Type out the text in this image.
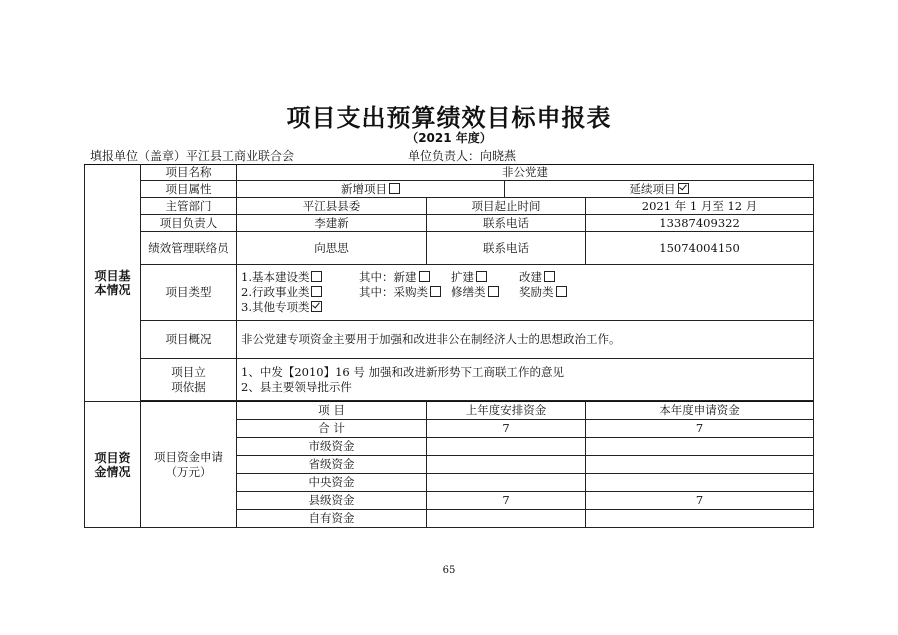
项目支出预算绩效目标申报表
（2021 年度）
填报单位（盖章）平江县工商业联合会	单位负责人：向晓燕
项目基本情况	项目名称	非公党建			
	项目属性	新增项目		延续项目	
	主管部门	平江县县委	项目起止时间		2021 年 1 月至 12 月
	项目负责人	李建新	联系电话		13387409322
	绩效管理联络员	向思思	联系电话		15074004150
	项目类型	1.基本建设类 其中：新建 扩建 改建
2.行政事业类 其中：采购类 修缮类 奖励类
3.其他专项类			

	项目概况	非公党建专项资金主要用于加强和改进非公在制经济人士的思想政治工作。			
	项目立项依据	1、中发【2010】16 号 加强和改进新形势下工商联工作的意见
2、县主要领导批示件			

项目资金情况	项目资金申请（万元）	项 目	上年度安排资金		本年度申请资金
		合 计	7		7
		市级资金			
		省级资金			
		中央资金			
		县级资金	7		7
		自有资金			
65
